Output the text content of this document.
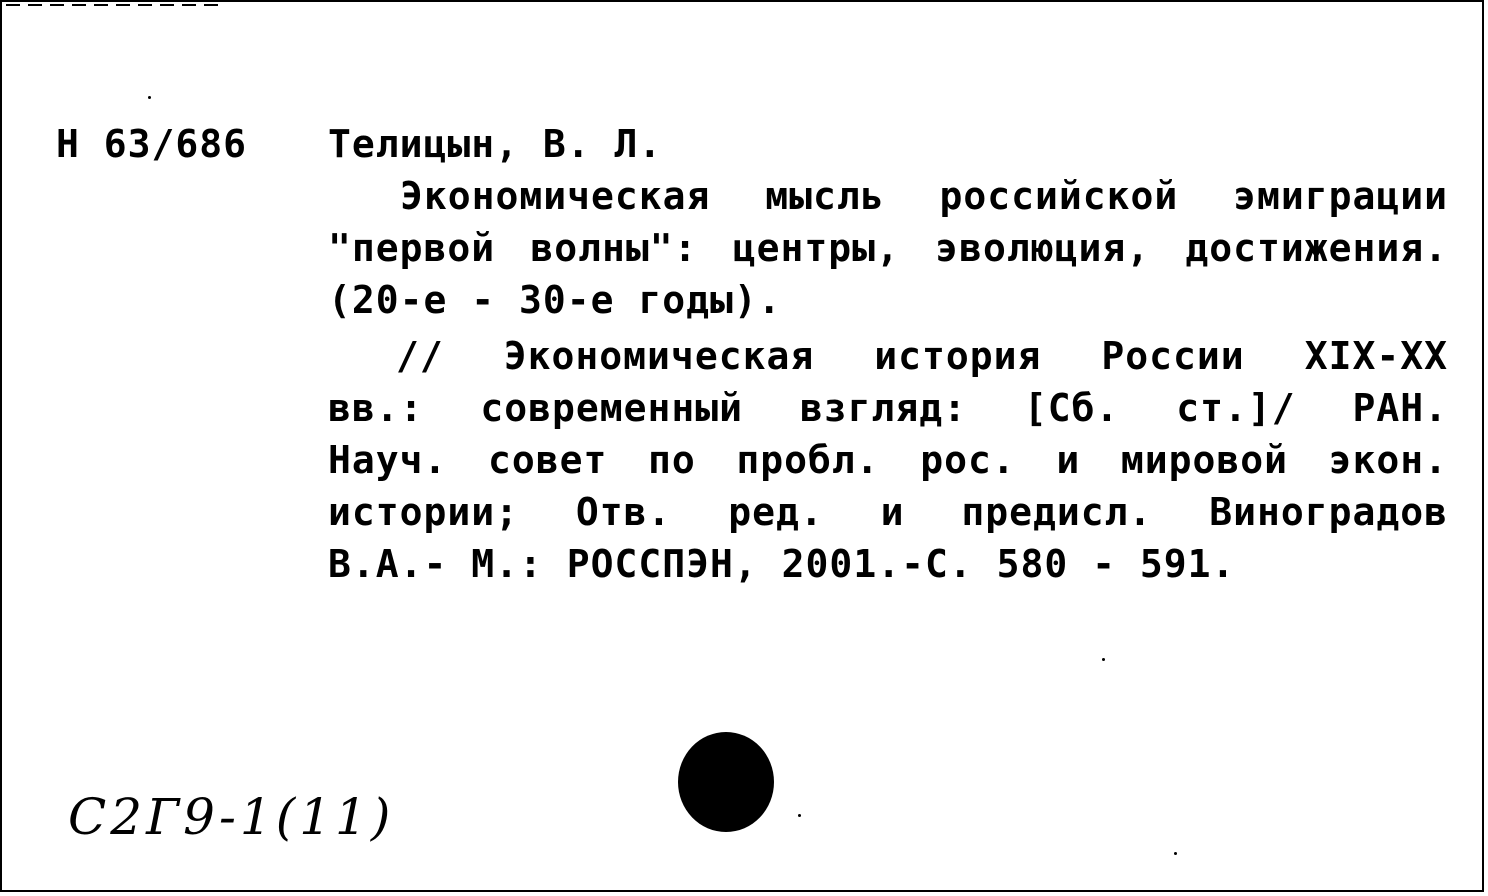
Н 63/686 Телицын, В. Л.
Экономическая мысль российской эмиграции
"первой волны": центры, эволюция, достижения.
(20-е - 30-е годы).
// Экономическая история России XIX-XX
вв.: современный взгляд: [Сб. ст.]/ РАН.
Науч. совет по пробл. рос. и мировой экон.
истории; Отв. ред. и предисл. Виноградов
В.А.- М.: РОССПЭН, 2001.-С. 580 - 591.
С2Г9-1(11)
